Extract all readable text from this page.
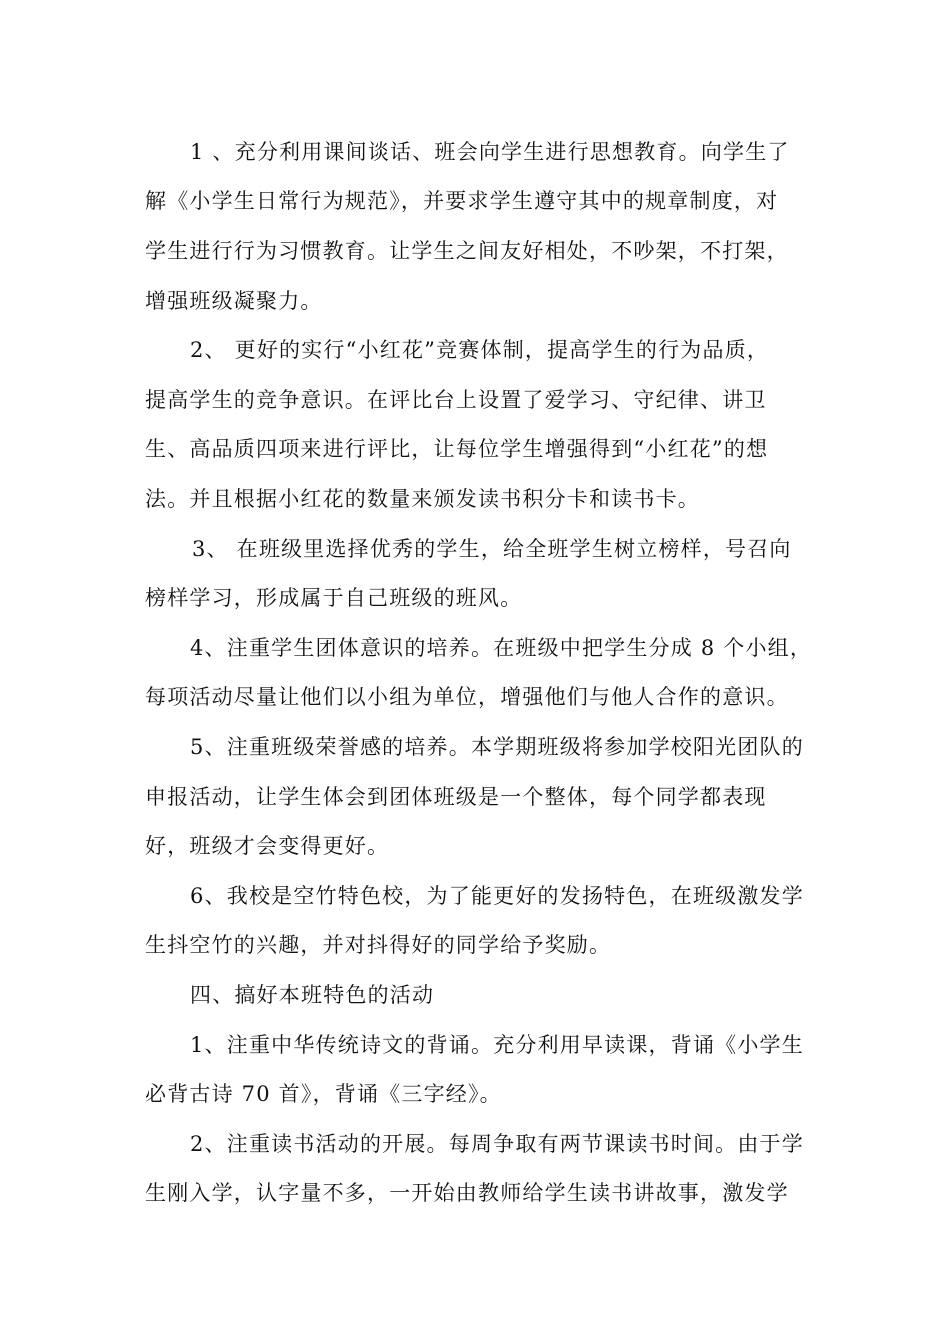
1 、充分利用课间谈话、班会向学生进行思想教育。向学生了
解《小学生日常行为规范》，并要求学生遵守其中的规章制度，对
学生进行行为习惯教育。让学生之间友好相处，不吵架，不打架，
增强班级凝聚力。
2、 更好的实行“小红花”竞赛体制，提高学生的行为品质，
提高学生的竞争意识。在评比台上设置了爱学习、守纪律、讲卫
生、高品质四项来进行评比，让每位学生增强得到“小红花”的想
法。并且根据小红花的数量来颁发读书积分卡和读书卡。
3、 在班级里选择优秀的学生，给全班学生树立榜样，号召向
榜样学习，形成属于自己班级的班风。
4、注重学生团体意识的培养。在班级中把学生分成 8 个小组，
每项活动尽量让他们以小组为单位，增强他们与他人合作的意识。
5、注重班级荣誉感的培养。本学期班级将参加学校阳光团队的
申报活动，让学生体会到团体班级是一个整体，每个同学都表现
好，班级才会变得更好。
6、我校是空竹特色校，为了能更好的发扬特色，在班级激发学
生抖空竹的兴趣，并对抖得好的同学给予奖励。
四、搞好本班特色的活动
1、注重中华传统诗文的背诵。充分利用早读课，背诵《小学生
必背古诗 70 首》，背诵《三字经》。
2、注重读书活动的开展。每周争取有两节课读书时间。由于学
生刚入学，认字量不多，一开始由教师给学生读书讲故事，激发学
